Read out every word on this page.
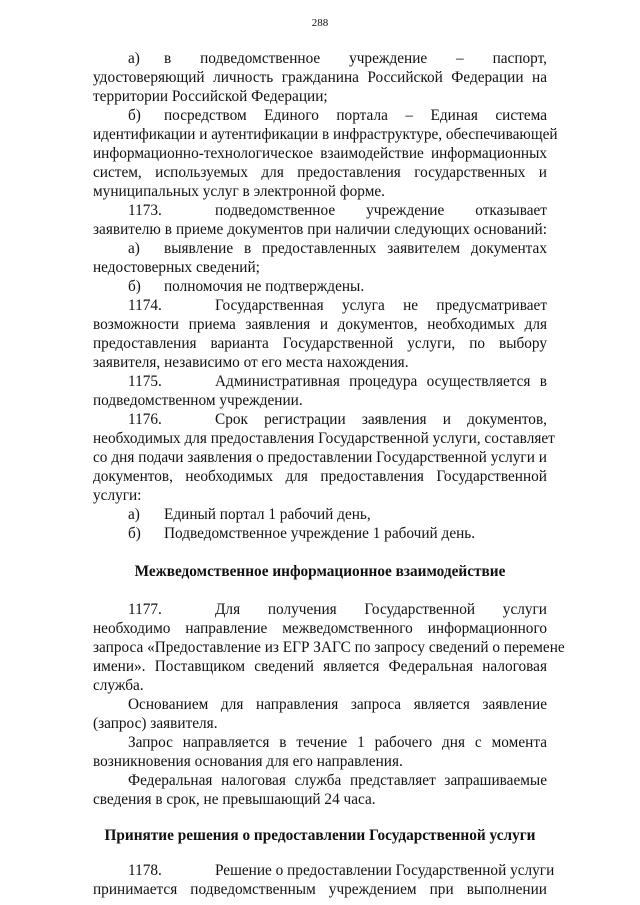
288
а) в подведомственное учреждение – паспорт,
удостоверяющий личность гражданина Российской Федерации на
территории Российской Федерации;
б) посредством Единого портала – Единая система
идентификации и аутентификации в инфраструктуре, обеспечивающей
информационно-технологическое взаимодействие информационных
систем, используемых для предоставления государственных и
муниципальных услуг в электронной форме.
1173.	подведомственное учреждение отказывает
заявителю в приеме документов при наличии следующих оснований:
а) выявление в предоставленных заявителем документах
недостоверных сведений;
б) полномочия не подтверждены.
1174.	Государственная услуга не предусматривает
возможности приема заявления и документов, необходимых для
предоставления варианта Государственной услуги, по выбору
заявителя, независимо от его места нахождения.
1175.	Административная процедура осуществляется в
подведомственном учреждении.
1176.	Срок регистрации заявления и документов,
необходимых для предоставления Государственной услуги, составляет
со дня подачи заявления о предоставлении Государственной услуги и
документов, необходимых для предоставления Государственной
услуги:
а) Единый портал 1 рабочий день,
б) Подведомственное учреждение 1 рабочий день.
Межведомственное информационное взаимодействие
1177.	Для получения Государственной услуги
необходимо направление межведомственного информационного
запроса «Предоставление из ЕГР ЗАГС по запросу сведений о перемене
имени». Поставщиком сведений является Федеральная налоговая
служба.
Основанием для направления запроса является заявление
(запрос) заявителя.
Запрос направляется в течение 1 рабочего дня с момента
возникновения основания для его направления.
Федеральная налоговая служба представляет запрашиваемые
сведения в срок, не превышающий 24 часа.
Принятие решения о предоставлении Государственной услуги
1178.	Решение о предоставлении Государственной услуги
принимается подведомственным учреждением при выполнении
